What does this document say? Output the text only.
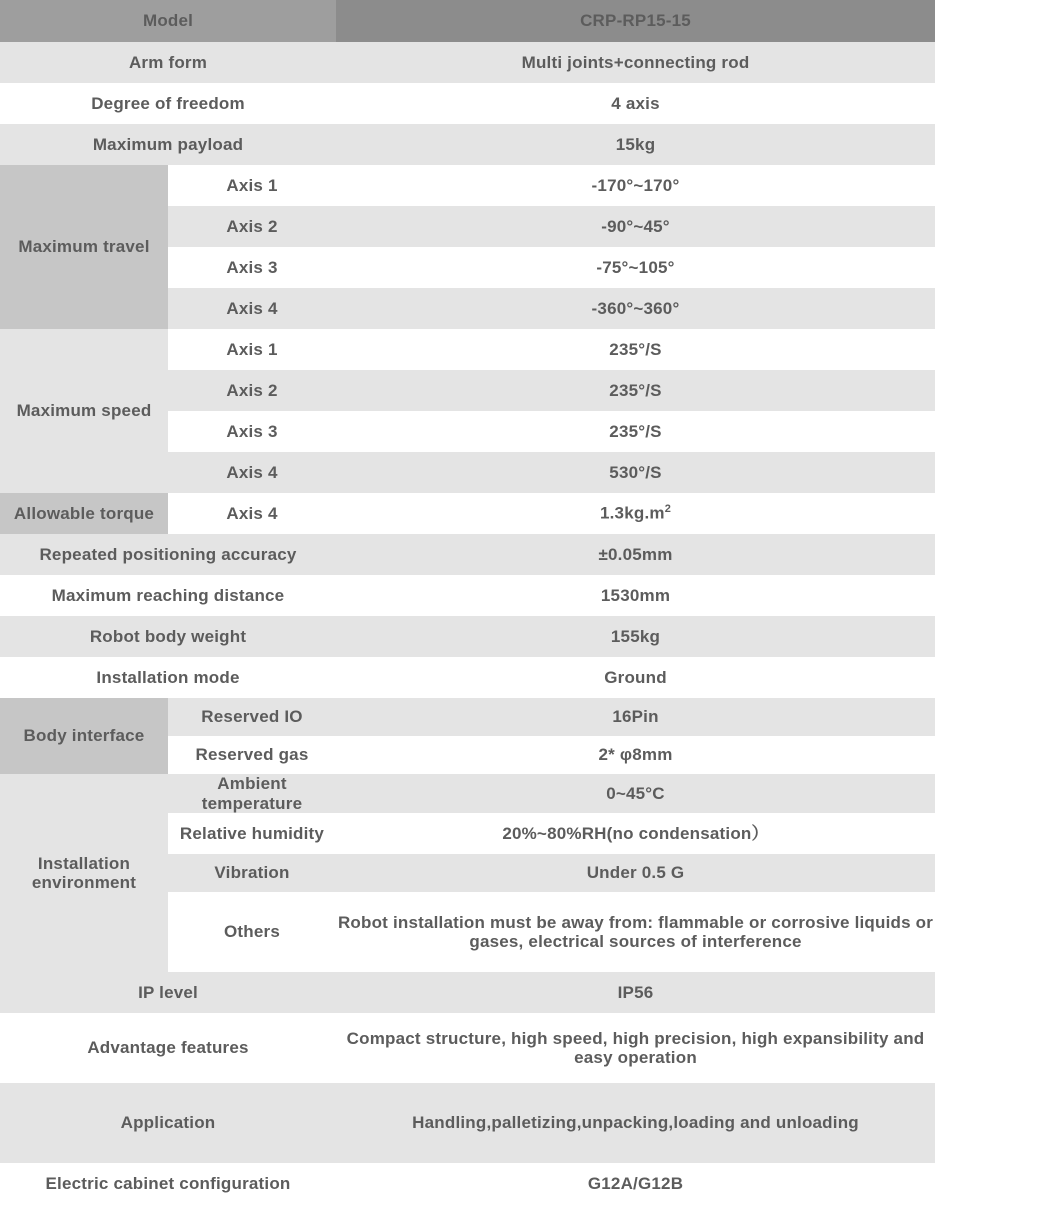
Model		CRP-RP15-15
Arm form		Multi joints+connecting rod
Degree of freedom		4 axis
Maximum payload		15kg
Maximum travel	Axis 1	-170°~170°
	Axis 2	-90°~45°
	Axis 3	-75°~105°
	Axis 4	-360°~360°
Maximum speed	Axis 1	235°/S
	Axis 2	235°/S
	Axis 3	235°/S
	Axis 4	530°/S
Allowable torque	Axis 4	$1.3kg.m^2$
Repeated positioning accuracy		±0.05mm
Maximum reaching distance		1530mm
Robot body weight		155kg
Installation mode		Ground
Body interface	Reserved IO	16Pin
	Reserved gas	2* φ8mm
Installation environment	Ambient temperature	0~45°C
	Relative humidity	20%~80%RH(no condensation）
	Vibration	Under 0.5 G
	Others	Robot installation must be away from: flammable or corrosive liquids or gases, electrical sources of interference
IP level		IP56
Advantage features		Compact structure, high speed, high precision, high expansibility and easy operation
Application		Handling,palletizing,unpacking,loading and unloading
Electric cabinet configuration		G12A/G12B
